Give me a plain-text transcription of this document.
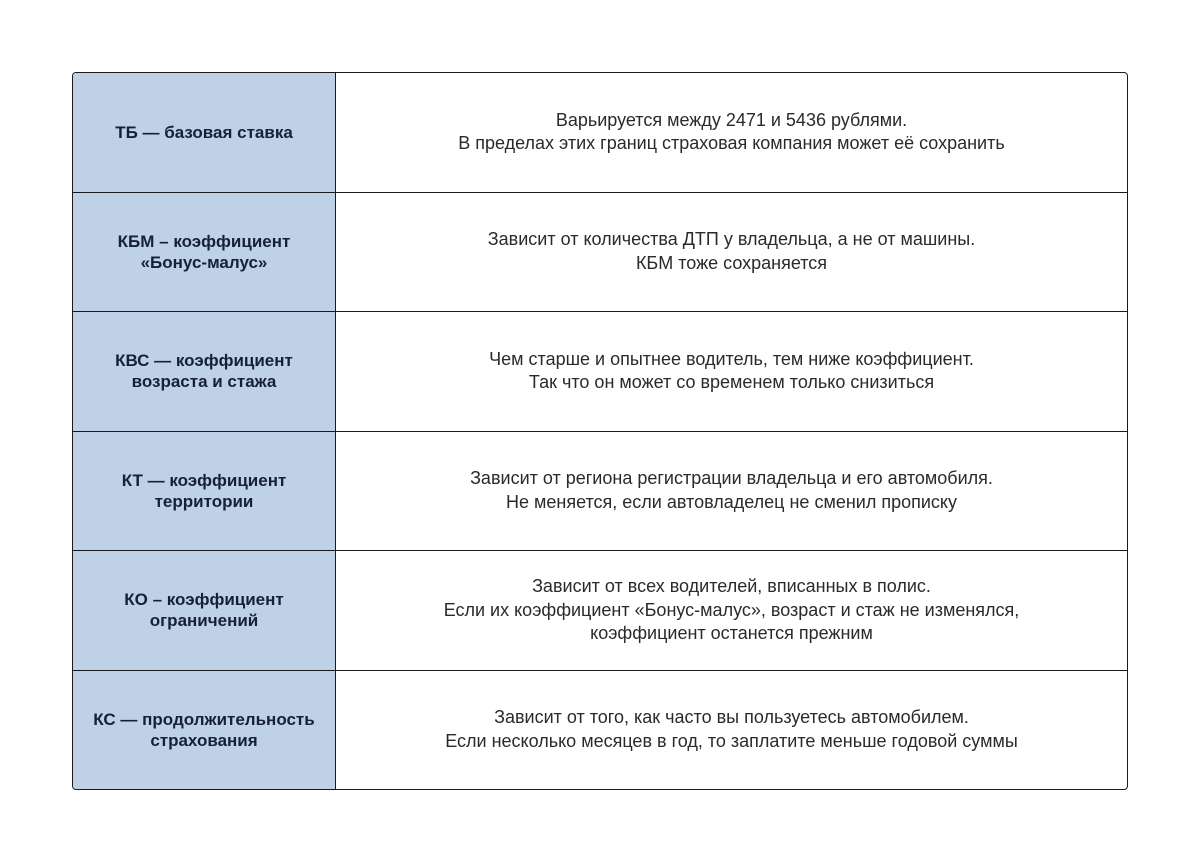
ТБ — базовая ставка
Варьируется между 2471 и 5436 рублями.
В пределах этих границ страховая компания может её сохранить
КБМ – коэффициент
«Бонус-малус»
Зависит от количества ДТП у владельца, а не от машины.
КБМ тоже сохраняется
КВС — коэффициент
возраста и стажа
Чем старше и опытнее водитель, тем ниже коэффициент.
Так что он может со временем только снизиться
КТ — коэффициент
территории
Зависит от региона регистрации владельца и его автомобиля.
Не меняется, если автовладелец не сменил прописку
КО – коэффициент
ограничений
Зависит от всех водителей, вписанных в полис.
Если их коэффициент «Бонус-малус», возраст и стаж не изменялся,
коэффициент останется прежним
КС — продолжительность
страхования
Зависит от того, как часто вы пользуетесь автомобилем.
Если несколько месяцев в год, то заплатите меньше годовой суммы
